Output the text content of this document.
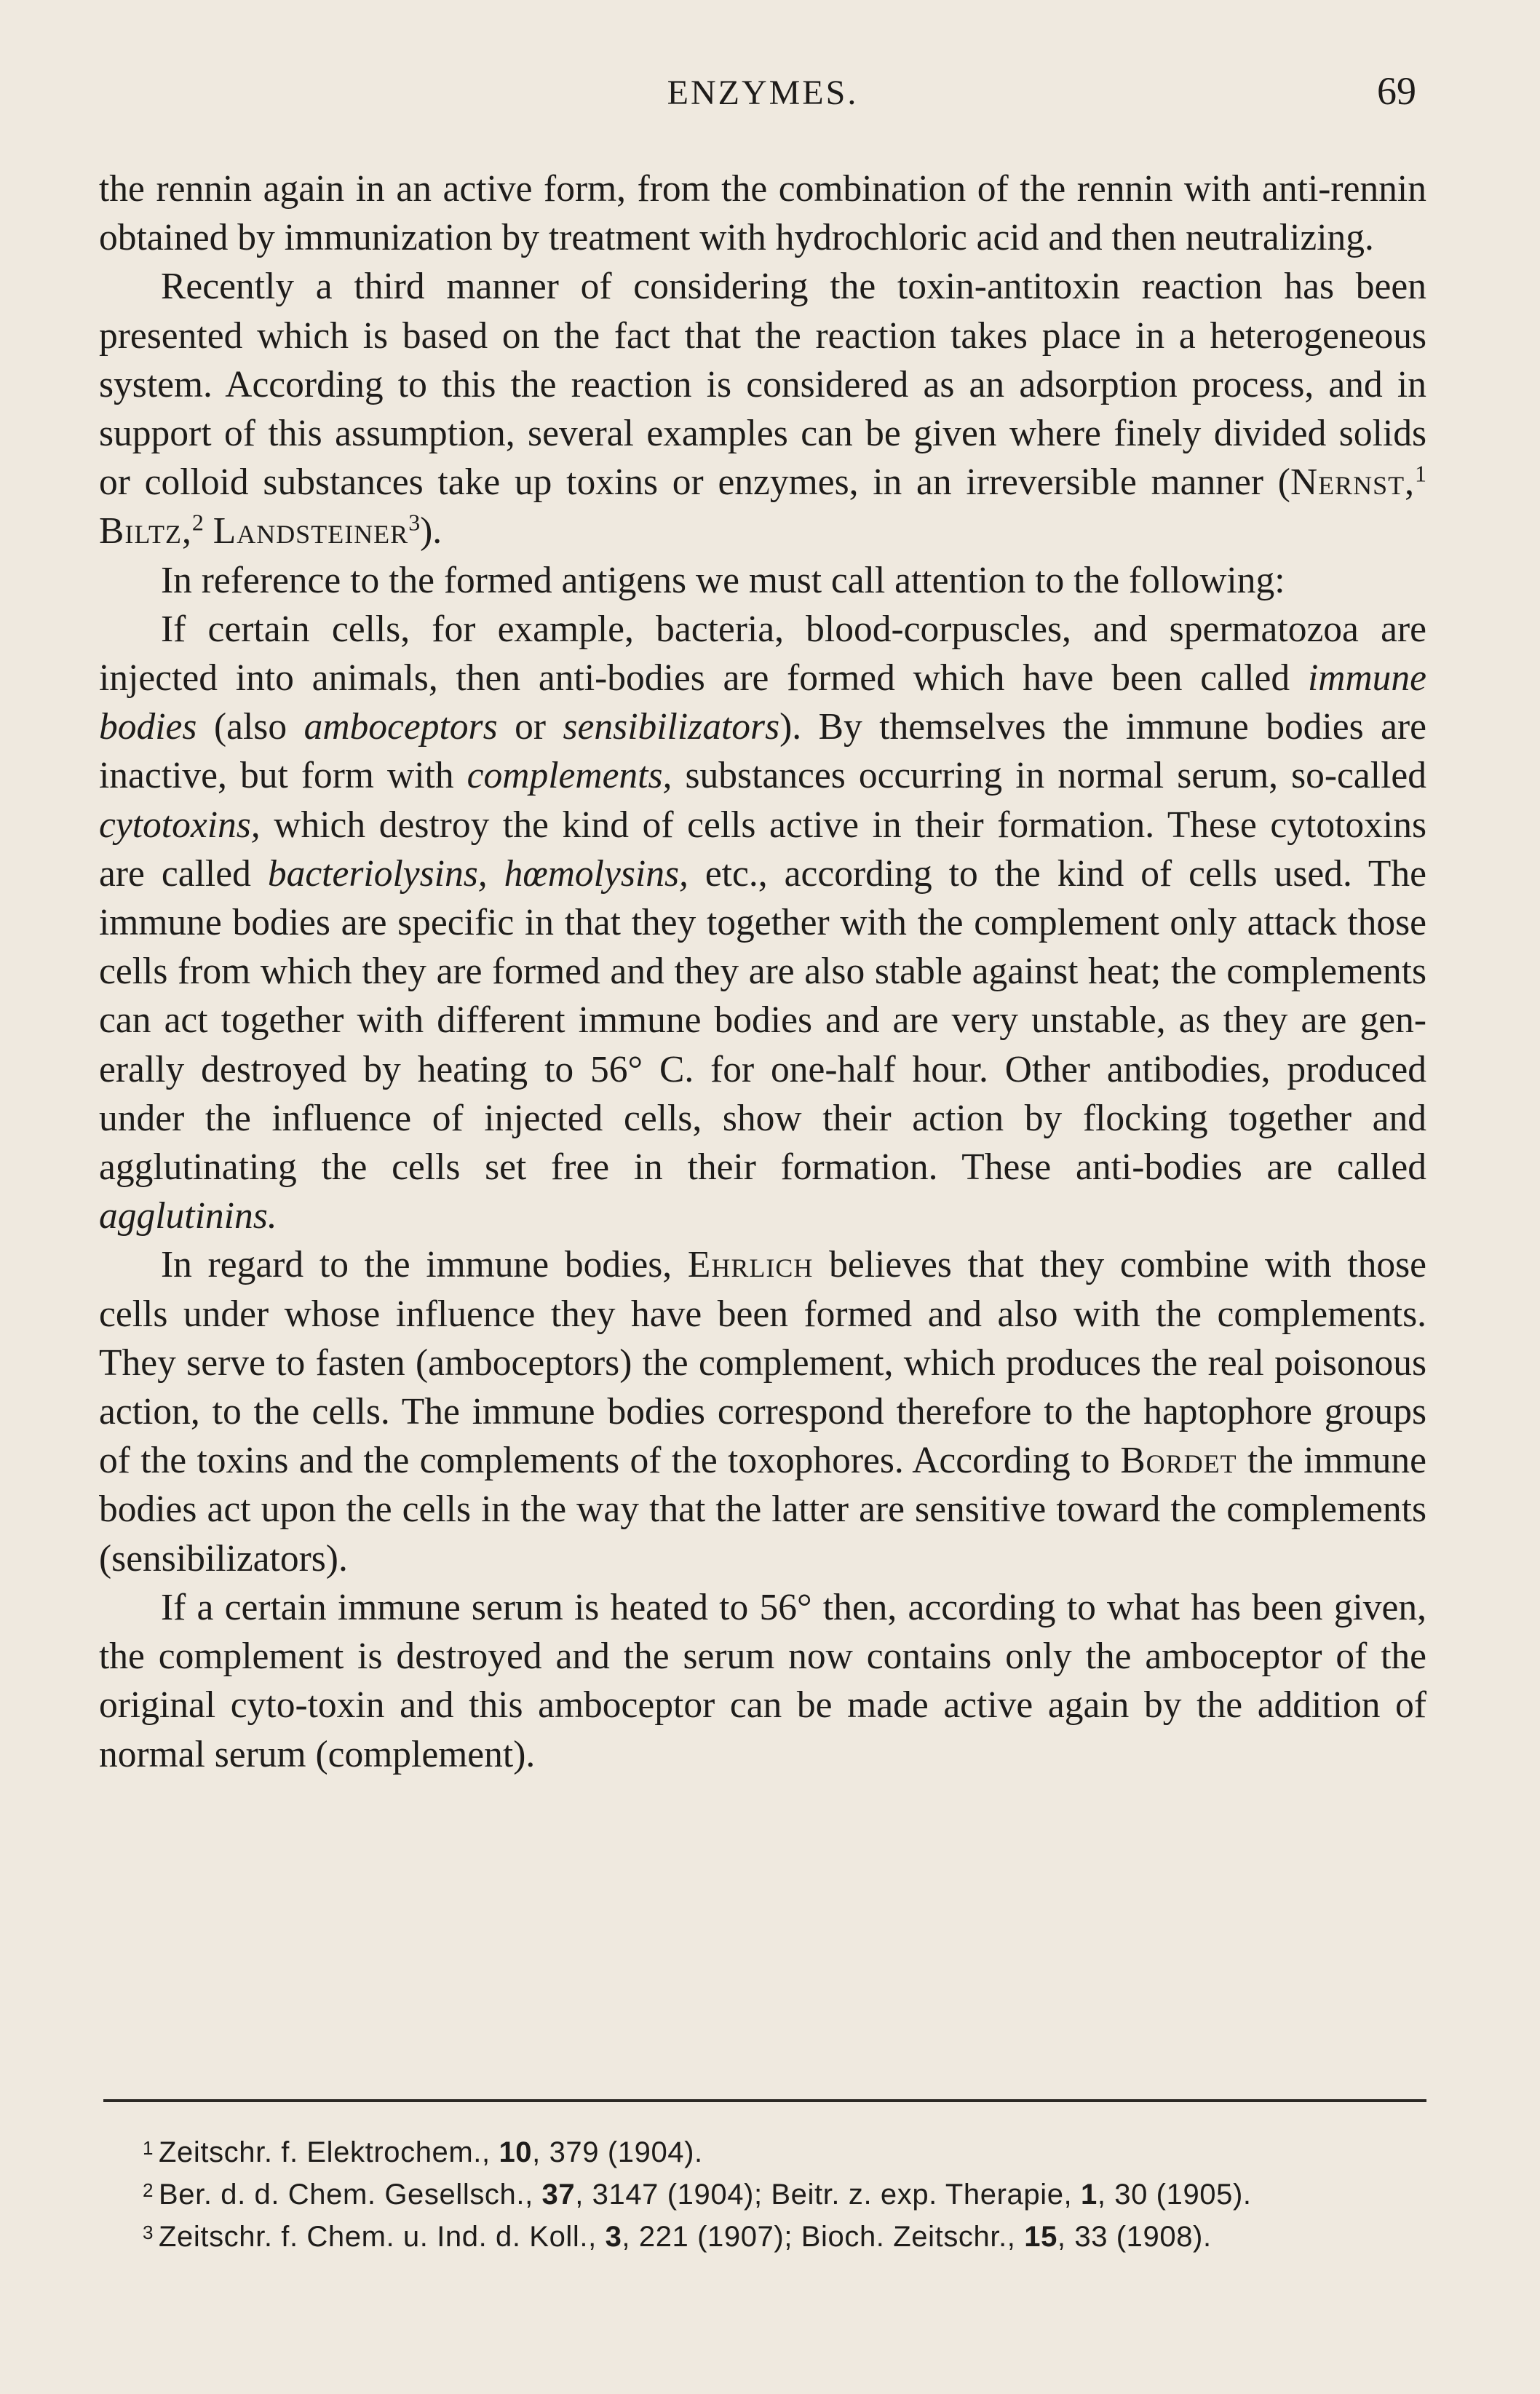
ENZYMES.	69

the rennin again in an active form, from the combination of the rennin with anti-rennin obtained by immunization by treatment with hydrochloric acid and then neutralizing.

Recently a third manner of considering the toxin-antitoxin reaction has been presented which is based on the fact that the reaction takes place in a heterogeneous system. According to this the reaction is considered as an adsorption process, and in support of this assumption, several examples can be given where finely divided solids or colloid substances take up toxins or enzymes, in an irreversible manner (Nernst,$^1$ Biltz,$^2$ Landsteiner$^3$).

In reference to the formed antigens we must call attention to the following:

If certain cells, for example, bacteria, blood-corpuscles, and spermatozoa are injected into animals, then anti-bodies are formed which have been called immune bodies (also amboceptors or sensibilizators). By themselves the immune bodies are inactive, but form with complements, substances occurring in normal serum, so-called cytotoxins, which destroy the kind of cells active in their formation. These cytotoxins are called bacteriolysins, hœmolysins, etc., according to the kind of cells used. The immune bodies are specific in that they together with the complement only attack those cells from which they are formed and they are also stable against heat; the complements can act together with different immune bodies and are very unstable, as they are generally destroyed by heating to 56° C. for one-half hour. Other antibodies, produced under the influence of injected cells, show their action by flocking together and agglutinating the cells set free in their formation. These anti-bodies are called agglutinins.

In regard to the immune bodies, Ehrlich believes that they combine with those cells under whose influence they have been formed and also with the complements. They serve to fasten (amboceptors) the complement, which produces the real poisonous action, to the cells. The immune bodies correspond therefore to the haptophore groups of the toxins and the complements of the toxophores. According to Bordet the immune bodies act upon the cells in the way that the latter are sensitive toward the complements (sensibilizators).

If a certain immune serum is heated to 56° then, according to what has been given, the complement is destroyed and the serum now contains only the amboceptor of the original cyto-toxin and this amboceptor can be made active again by the addition of normal serum (complement).

1 Zeitschr. f. Elektrochem., 10, 379 (1904).
2 Ber. d. d. Chem. Gesellsch., 37, 3147 (1904); Beitr. z. exp. Therapie, 1, 30 (1905).
3 Zeitschr. f. Chem. u. Ind. d. Koll., 3, 221 (1907); Bioch. Zeitschr., 15, 33 (1908).
